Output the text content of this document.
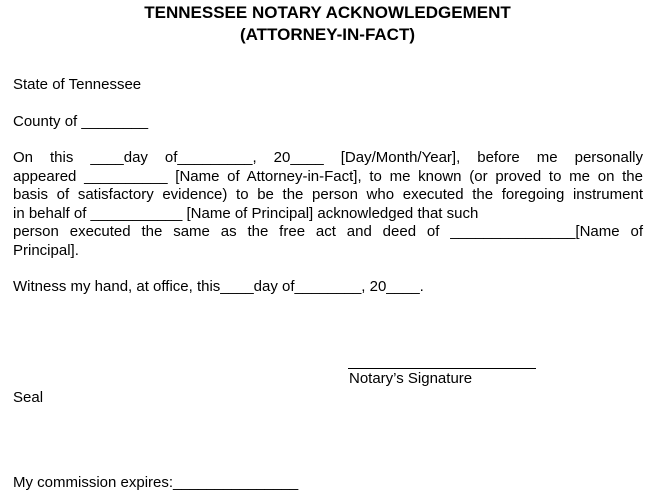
TENNESSEE NOTARY ACKNOWLEDGEMENT
(ATTORNEY-IN-FACT)

State of Tennessee

County of ________

On this ____day of_________, 20____ [Day/Month/Year], before me personally
appeared __________ [Name of Attorney-in-Fact], to me known (or proved to me on the
basis of satisfactory evidence) to be the person who executed the foregoing instrument
in behalf of ___________ [Name of Principal] acknowledged that such
person executed the same as the free act and deed of _______________[Name of
Principal].

Witness my hand, at office, this____day of________, 20____.

Notary’s Signature

Seal

My commission expires:_______________
